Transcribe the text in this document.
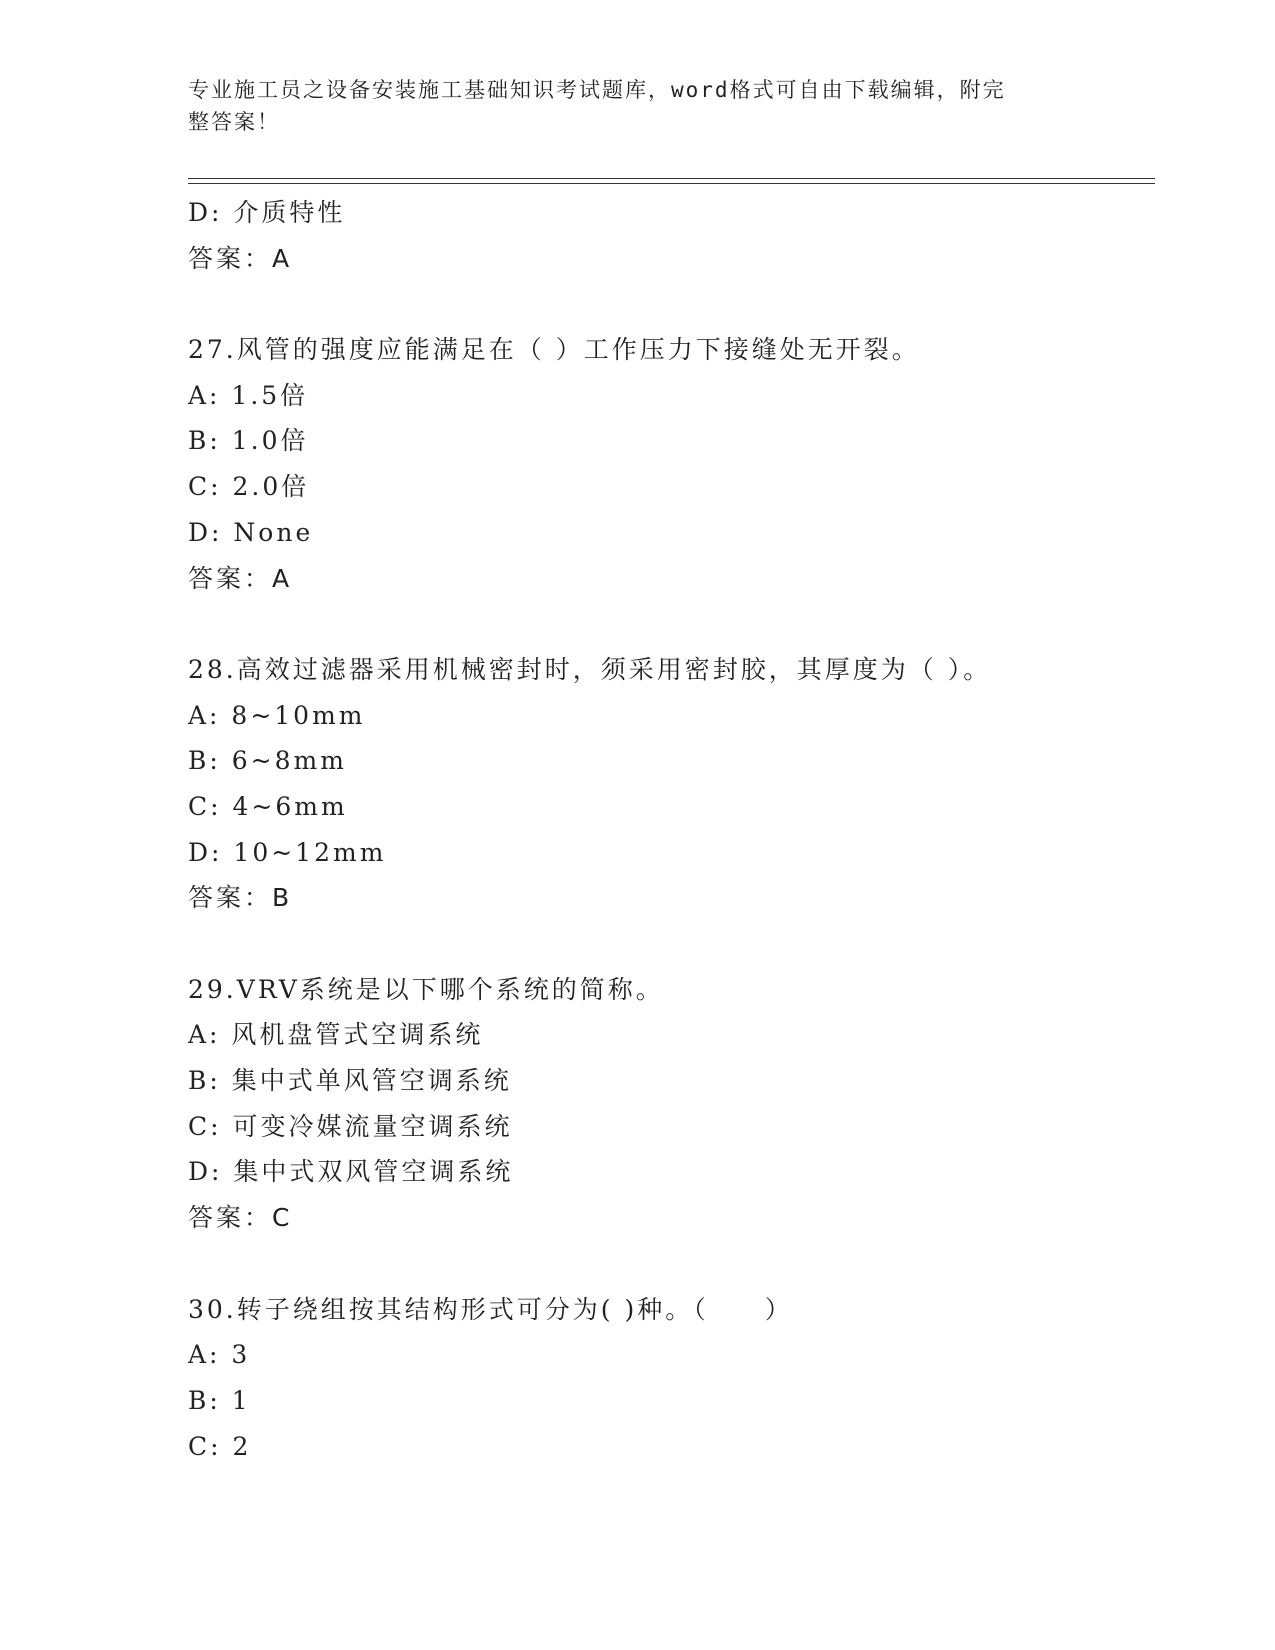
专业施工员之设备安装施工基础知识考试题库，word格式可自由下载编辑，附完
整答案！
D: 介质特性
答案：A
27.风管的强度应能满足在（ ）工作压力下接缝处无开裂。
A: 1.5倍
B: 1.0倍
C: 2.0倍
D: None
答案：A
28.高效过滤器采用机械密封时，须采用密封胶，其厚度为（ ）。
A: 8~10mm
B: 6~8mm
C: 4~6mm
D: 10~12mm
答案：B
29.VRV系统是以下哪个系统的简称。
A: 风机盘管式空调系统
B: 集中式单风管空调系统
C: 可变冷媒流量空调系统
D: 集中式双风管空调系统
答案：C
30.转子绕组按其结构形式可分为( )种。（　　）
A: 3
B: 1
C: 2
